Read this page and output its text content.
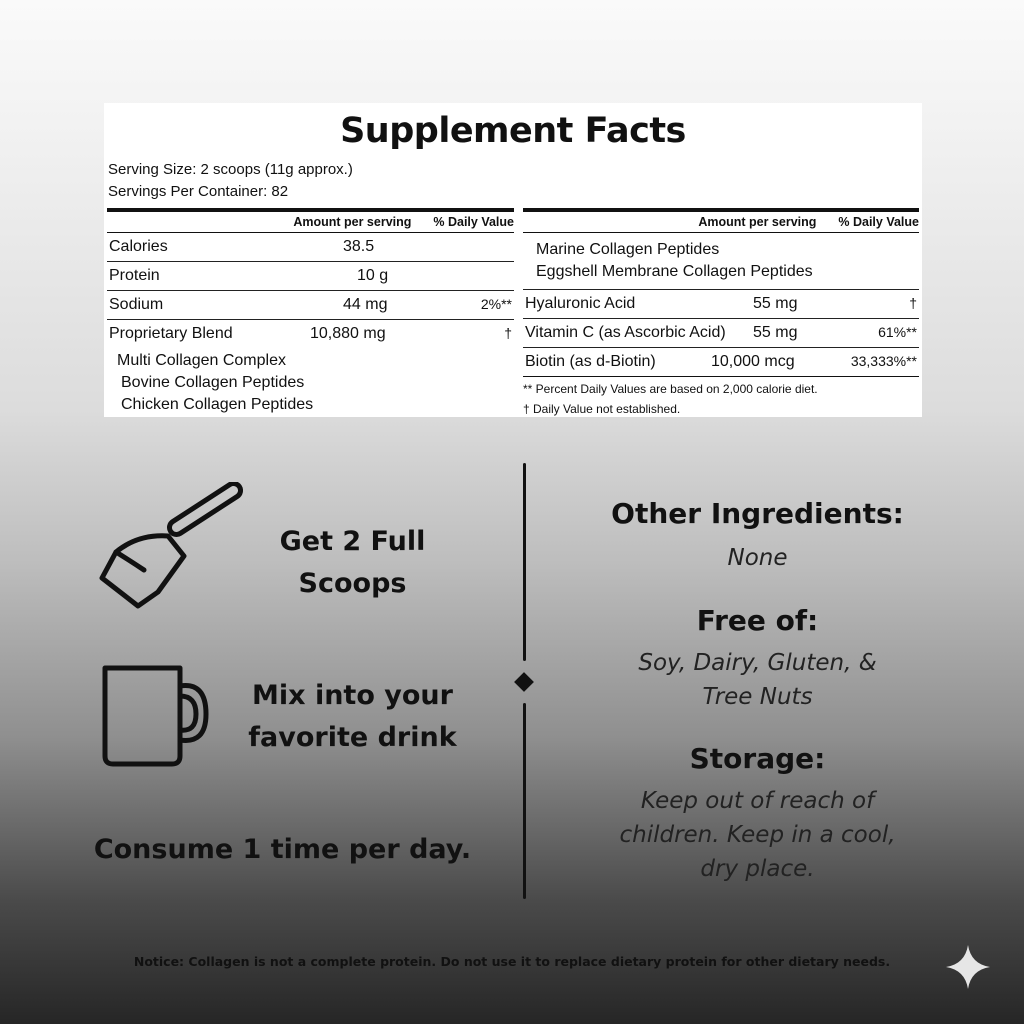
Supplement Facts
Serving Size: 2 scoops (11g approx.)
Servings Per Container: 82
Amount per serving % Daily Value
Calories	38.5
Protein	10 g
Sodium	44 mg	2%**
Proprietary Blend	10,880 mg	†
Multi Collagen Complex
Bovine Collagen Peptides
Chicken Collagen Peptides
Amount per serving % Daily Value
Marine Collagen Peptides
Eggshell Membrane Collagen Peptides
Hyaluronic Acid	55 mg	†
Vitamin C (as Ascorbic Acid) 55 mg	61%**
Biotin (as d-Biotin)	10,000 mcg	33,333%**
** Percent Daily Values are based on 2,000 calorie diet.
† Daily Value not established.
Get 2 Full
Scoops
Mix into your
favorite drink
Consume 1 time per day.
Other Ingredients:
None
Free of:
Soy, Dairy, Gluten, &
Tree Nuts
Storage:
Keep out of reach of
children. Keep in a cool,
dry place.
Notice: Collagen is not a complete protein. Do not use it to replace dietary protein for other dietary needs.
